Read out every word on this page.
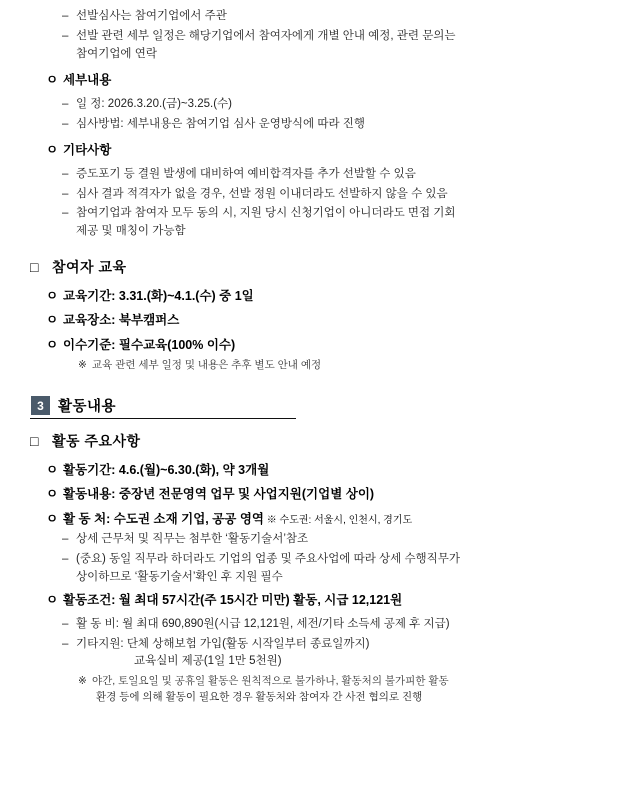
– 선발심사는 참여기업에서 주관
– 선발 관련 세부 일정은 해당기업에서 참여자에게 개별 안내 예정, 관련 문의는
참여기업에 연락
ㅇ 세부내용
– 일 정: 2026.3.20.(금)~3.25.(수)
– 심사방법: 세부내용은 참여기업 심사 운영방식에 따라 진행
ㅇ 기타사항
– 증도포기 등 결원 발생에 대비하여 예비합격자를 추가 선발할 수 있음
– 심사 결과 적격자가 없을 경우, 선발 정원 이내더라도 선발하지 않을 수 있음
– 참여기업과 참여자 모두 동의 시, 지원 당시 신청기업이 아니더라도 면접 기회
제공 및 매칭이 가능함
□ 참여자 교육
ㅇ 교육기간: 3.31.(화)~4.1.(수) 중 1일
ㅇ 교육장소: 북부캠퍼스
ㅇ 이수기준: 필수교육(100% 이수)
※ 교육 관련 세부 일정 및 내용은 추후 별도 안내 예정
3 활동내용
□ 활동 주요사항
ㅇ 활동기간: 4.6.(월)~6.30.(화), 약 3개월
ㅇ 활동내용: 중장년 전문영역 업무 및 사업지원(기업별 상이)
ㅇ 활 동 처: 수도권 소재 기업, 공공 영역 ※ 수도권: 서울시, 인천시, 경기도
– 상세 근무처 및 직무는 첨부한 ‘활동기술서’참조
– (중요) 동일 직무라 하더라도 기업의 업종 및 주요사업에 따라 상세 수행직무가
상이하므로 ‘활동기술서’확인 후 지원 필수
ㅇ 활동조건: 월 최대 57시간(주 15시간 미만) 활동, 시급 12,121원
– 활 동 비: 월 최대 690,890원(시급 12,121원, 세전/기타 소득세 공제 후 지급)
– 기타지원: 단체 상해보험 가입(활동 시작일부터 종료일까지)
교육실비 제공(1일 1만 5천원)
※ 야간, 토일요일 및 공휴일 활동은 원칙적으로 불가하나, 활동처의 불가피한 활동
환경 등에 의해 활동이 필요한 경우 활동처와 참여자 간 사전 협의로 진행
